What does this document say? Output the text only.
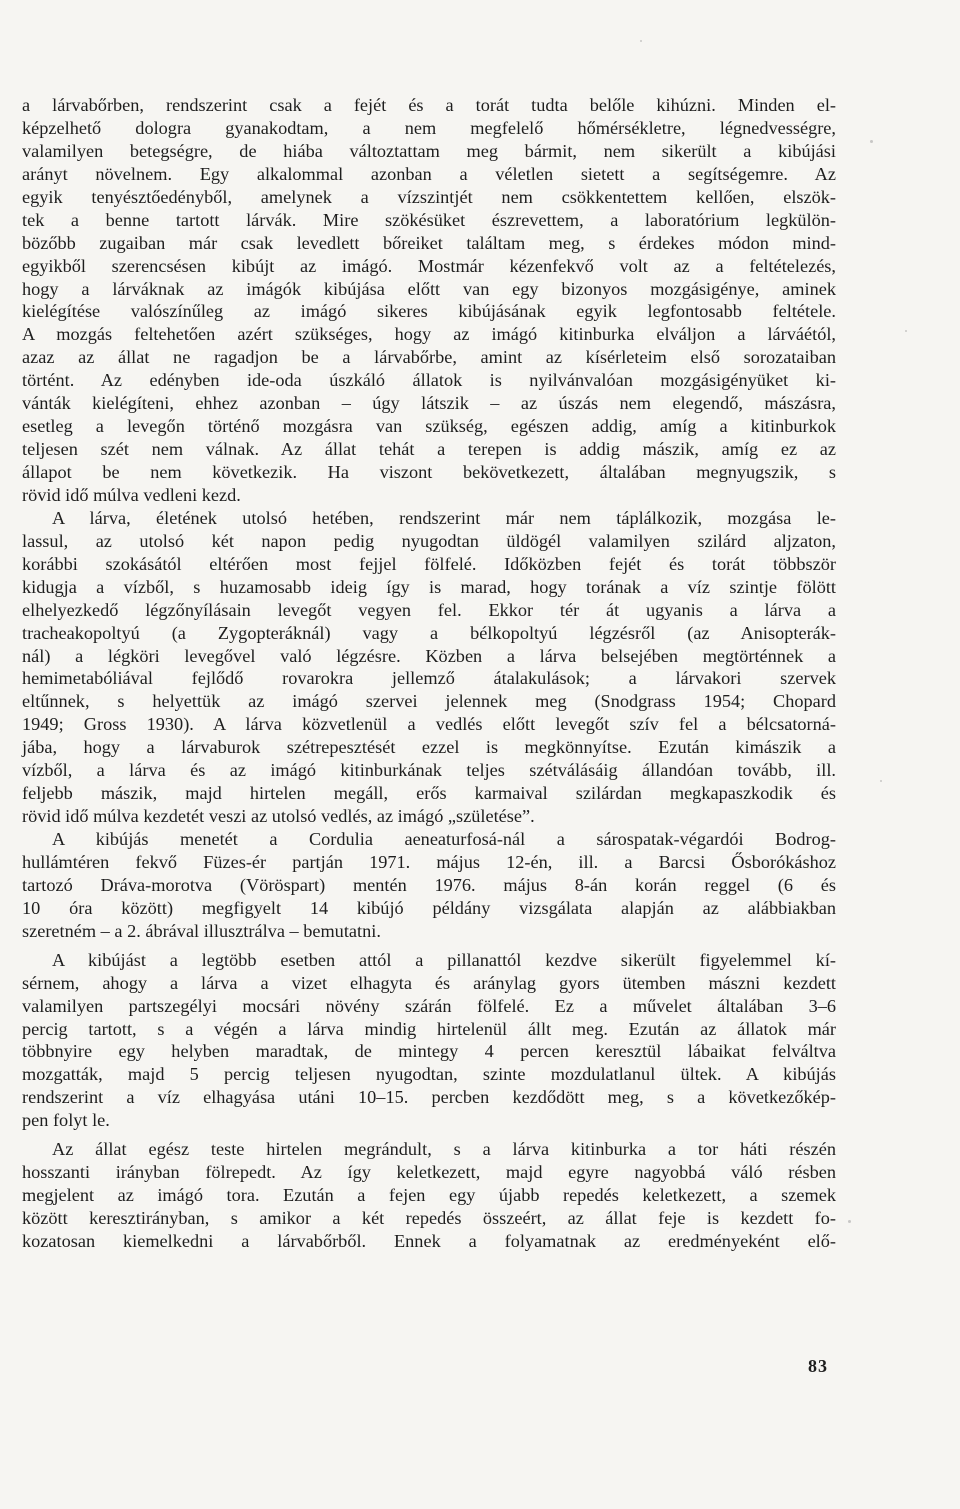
a lárvabőrben, rendszerint csak a fejét és a torát tudta belőle kihúzni. Minden el-
képzelhető dologra gyanakodtam, a nem megfelelő hőmérsékletre, légnedvességre,
valamilyen betegségre, de hiába változtattam meg bármit, nem sikerült a kibújási
arányt növelnem. Egy alkalommal azonban a véletlen sietett a segítségemre. Az
egyik tenyésztőedényből, amelynek a vízszintjét nem csökkentettem kellően, elszök-
tek a benne tartott lárvák. Mire szökésüket észrevettem, a laboratórium legkülön-
bözőbb zugaiban már csak levedlett bőreiket találtam meg, s érdekes módon mind-
egyikből szerencsésen kibújt az imágó. Mostmár kézenfekvő volt az a feltételezés,
hogy a lárváknak az imágók kibújása előtt van egy bizonyos mozgásigénye, aminek
kielégítése valószínűleg az imágó sikeres kibújásának egyik legfontosabb feltétele.
A mozgás feltehetően azért szükséges, hogy az imágó kitinburka elváljon a lárváétól,
azaz az állat ne ragadjon be a lárvabőrbe, amint az kísérleteim első sorozataiban
történt. Az edényben ide-oda úszkáló állatok is nyilvánvalóan mozgásigényüket ki-
vánták kielégíteni, ehhez azonban – úgy látszik – az úszás nem elegendő, mászásra,
esetleg a levegőn történő mozgásra van szükség, egészen addig, amíg a kitinburkok
teljesen szét nem válnak. Az állat tehát a terepen is addig mászik, amíg ez az
állapot be nem következik. Ha viszont bekövetkezett, általában megnyugszik, s
rövid idő múlva vedleni kezd.
A lárva, életének utolsó hetében, rendszerint már nem táplálkozik, mozgása le-
lassul, az utolsó két napon pedig nyugodtan üldögél valamilyen szilárd aljzaton,
korábbi szokásától eltérően most fejjel fölfelé. Időközben fejét és torát többször
kidugja a vízből, s huzamosabb ideig így is marad, hogy torának a víz szintje fölött
elhelyezkedő légzőnyílásain levegőt vegyen fel. Ekkor tér át ugyanis a lárva a
tracheakopoltyú (a Zygopteráknál) vagy a bélkopoltyú légzésről (az Anisopterák-
nál) a légköri levegővel való légzésre. Közben a lárva belsejében megtörténnek a
hemimetabóliával fejlődő rovarokra jellemző átalakulások; a lárvakori szervek
eltűnnek, s helyettük az imágó szervei jelennek meg (Snodgrass 1954; Chopard
1949; Gross 1930). A lárva közvetlenül a vedlés előtt levegőt szív fel a bélcsatorná-
jába, hogy a lárvaburok szétrepesztését ezzel is megkönnyítse. Ezután kimászik a
vízből, a lárva és az imágó kitinburkának teljes szétválásáig állandóan tovább, ill.
feljebb mászik, majd hirtelen megáll, erős karmaival szilárdan megkapaszkodik és
rövid idő múlva kezdetét veszi az utolsó vedlés, az imágó „születése”.
A kibújás menetét a Cordulia aeneaturfosá-nál a sárospatak-végardói Bodrog-
hullámtéren fekvő Füzes-ér partján 1971. május 12-én, ill. a Barcsi Ősborókáshoz
tartozó Dráva-morotva (Vöröspart) mentén 1976. május 8-án korán reggel (6 és
10 óra között) megfigyelt 14 kibújó példány vizsgálata alapján az alábbiakban
szeretném – a 2. ábrával illusztrálva – bemutatni.
A kibújást a legtöbb esetben attól a pillanattól kezdve sikerült figyelemmel kí-
sérnem, ahogy a lárva a vizet elhagyta és aránylag gyors ütemben mászni kezdett
valamilyen partszegélyi mocsári növény szárán fölfelé. Ez a művelet általában 3–6
percig tartott, s a végén a lárva mindig hirtelenül állt meg. Ezután az állatok már
többnyire egy helyben maradtak, de mintegy 4 percen keresztül lábaikat felváltva
mozgatták, majd 5 percig teljesen nyugodtan, szinte mozdulatlanul ültek. A kibújás
rendszerint a víz elhagyása utáni 10–15. percben kezdődött meg, s a következőkép-
pen folyt le.
Az állat egész teste hirtelen megrándult, s a lárva kitinburka a tor háti részén
hosszanti irányban fölrepedt. Az így keletkezett, majd egyre nagyobbá váló résben
megjelent az imágó tora. Ezután a fejen egy újabb repedés keletkezett, a szemek
között keresztirányban, s amikor a két repedés összeért, az állat feje is kezdett fo-
kozatosan kiemelkedni a lárvabőrből. Ennek a folyamatnak az eredményeként elő-
83
